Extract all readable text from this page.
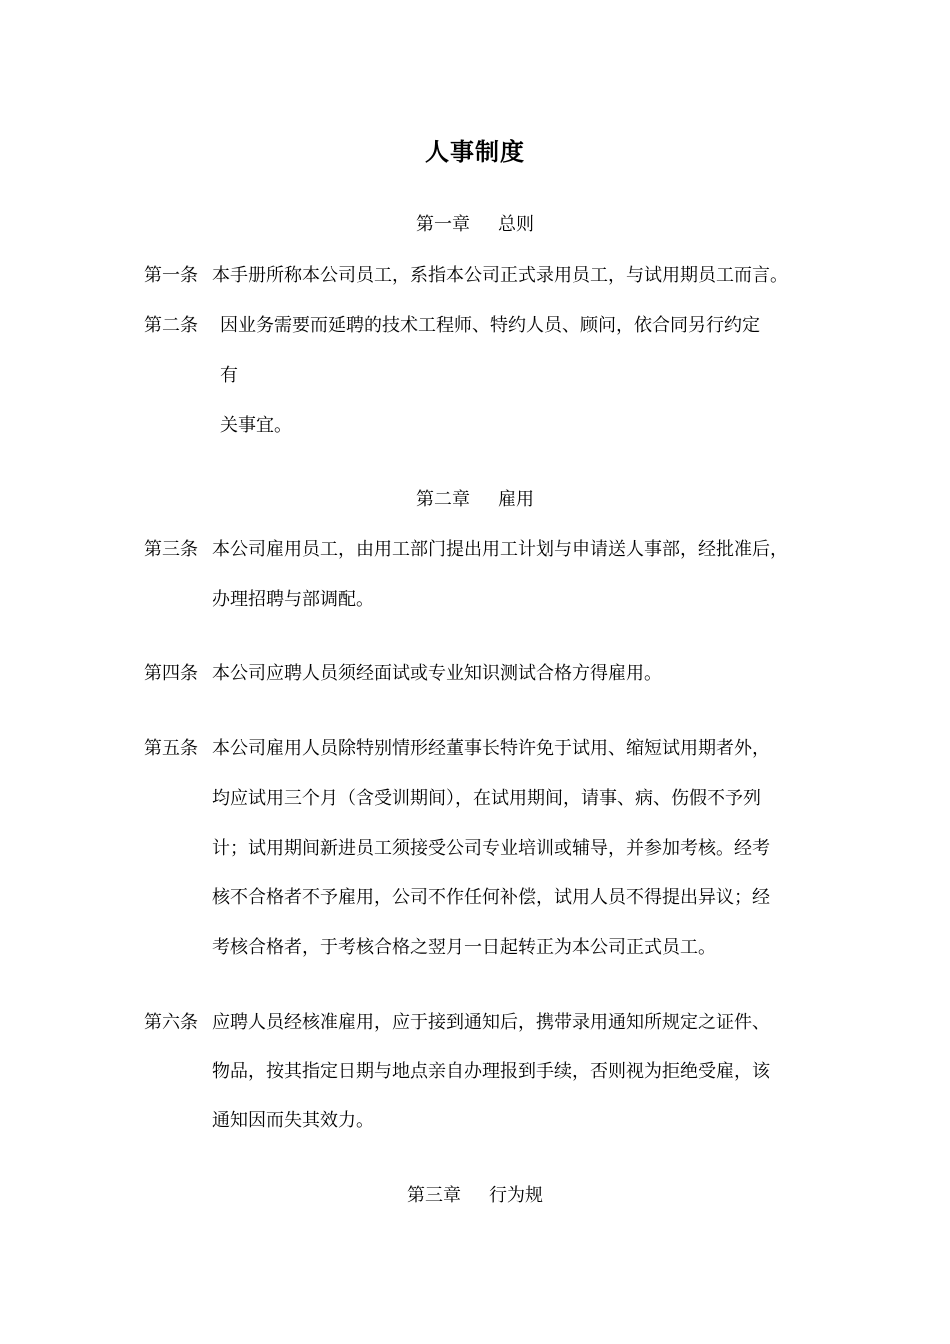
人事制度
第一章 总则
第一条 本手册所称本公司员工，系指本公司正式录用员工，与试用期员工而言。
第二条 因业务需要而延聘的技术工程师、特约人员、顾问，依合同另行约定
有
关事宜。
第二章 雇用
第三条 本公司雇用员工，由用工部门提出用工计划与申请送人事部，经批准后，
办理招聘与部调配。
第四条 本公司应聘人员须经面试或专业知识测试合格方得雇用。
第五条 本公司雇用人员除特别情形经董事长特许免于试用、缩短试用期者外，
均应试用三个月（含受训期间），在试用期间，请事、病、伤假不予列
计；试用期间新进员工须接受公司专业培训或辅导，并参加考核。经考
核不合格者不予雇用，公司不作任何补偿，试用人员不得提出异议；经
考核合格者，于考核合格之翌月一日起转正为本公司正式员工。
第六条 应聘人员经核准雇用，应于接到通知后，携带录用通知所规定之证件、
物品，按其指定日期与地点亲自办理报到手续，否则视为拒绝受雇，该
通知因而失其效力。
第三章 行为规
